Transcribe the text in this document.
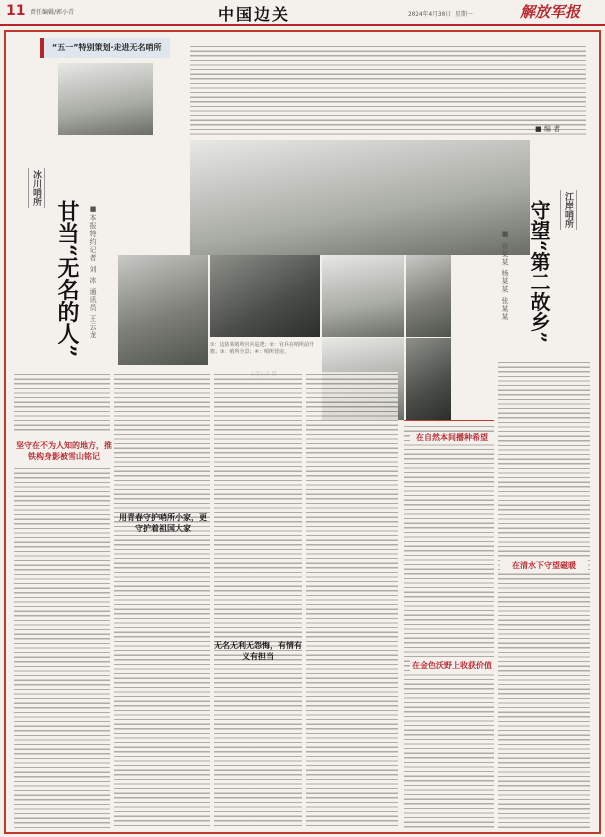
11 责任编辑/郭小青	中国边关	2024年4月30日 星期一	解放军报
“五一”特别策划·走进无名哨所
■ 编 者
冰川哨所
甘当“无名的人” ■本报特约记者 刘 冰 通讯员 王云龙
①：边防某哨所官兵巡逻；②：官兵在哨所前升旗；③：哨所全景；④：哨所营房。
江岸哨所
守望“第二故乡”
■ 崔某某 杨某某 张某某
坚守在不为人知的地方，推铁构身影被雪山铭记
用青春守护哨所小家，更守护着祖国大家
无名无利无怨悔，有情有义有担当
在自然本间播种希望
在金色沃野上收获价值
在清水下守望磁暖
